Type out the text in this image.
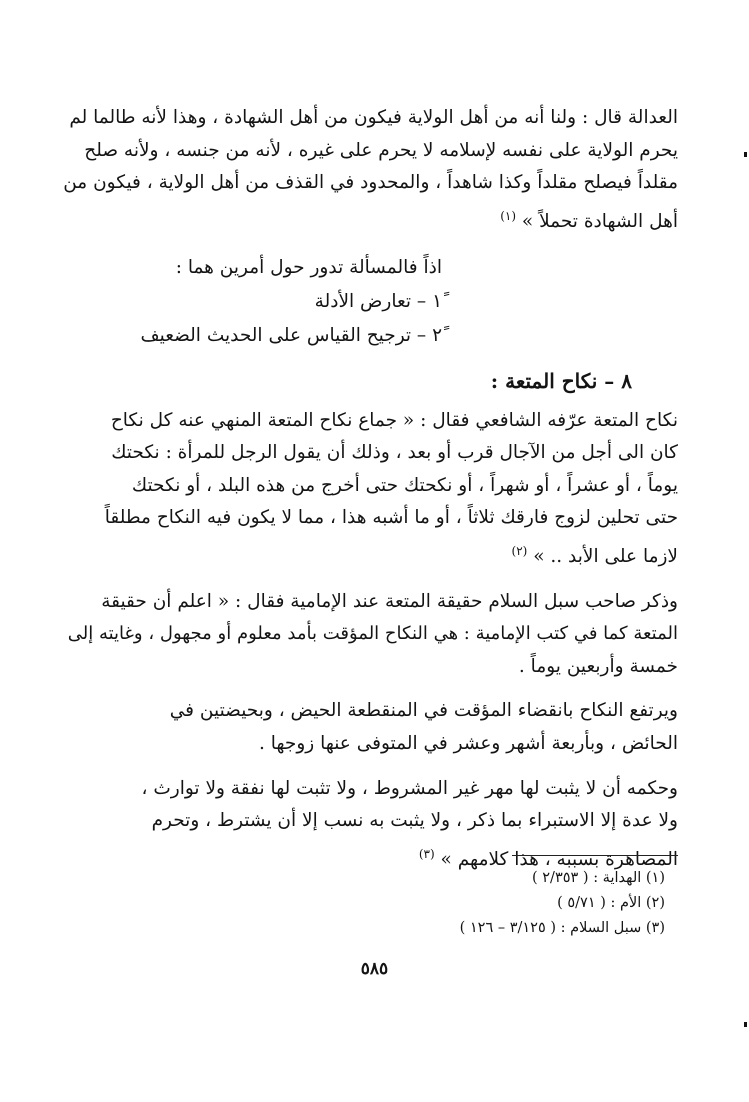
العدالة قال : ولنا أنه من أهل الولاية فيكون من أهل الشهادة ، وهذا لأنه طالما لم
يحرم الولاية على نفسه لإسلامه لا يحرم على غيره ، لأنه من جنسه ، ولأنه صلح
مقلداً فيصلح مقلداً وكذا شاهداً ، والمحدود في القذف من أهل الولاية ، فيكون من
أهل الشهادة تحملاً » $^{(١)}$
اذاً فالمسألة تدور حول أمرين هما :
١ً – تعارض الأدلة
٢ً – ترجيح القياس على الحديث الضعيف
٨ – نكاح المتعة :
نكاح المتعة عرّفه الشافعي فقال : « جماع نكاح المتعة المنهي عنه كل نكاح
كان الى أجل من الآجال قرب أو بعد ، وذلك أن يقول الرجل للمرأة : نكحتك
يوماً ، أو عشراً ، أو شهراً ، أو نكحتك حتى أخرج من هذه البلد ، أو نكحتك
حتى تحلين لزوج فارقك ثلاثاً ، أو ما أشبه هذا ، مما لا يكون فيه النكاح مطلقاً
لازما على الأبد .. » $^{(٢)}$
وذكر صاحب سبل السلام حقيقة المتعة عند الإمامية فقال : « اعلم أن حقيقة
المتعة كما في كتب الإمامية : هي النكاح المؤقت بأمد معلوم أو مجهول ، وغايته إلى
خمسة وأربعين يوماً .
ويرتفع النكاح بانقضاء المؤقت في المنقطعة الحيض ، وبحيضتين في
الحائض ، وبأربعة أشهر وعشر في المتوفى عنها زوجها .
وحكمه أن لا يثبت لها مهر غير المشروط ، ولا تثبت لها نفقة ولا توارث ،
ولا عدة إلا الاستبراء بما ذكر ، ولا يثبت به نسب إلا أن يشترط ، وتحرم
المصاهرة بسببه ، هذا كلامهم » $^{(٣)}$
(١) الهداية : ( ٢/٣٥٣ )
(٢) الأم : ( ٥/٧١ )
(٣) سبل السلام : ( ٣/١٢٥ – ١٢٦ )
٥٨٥
